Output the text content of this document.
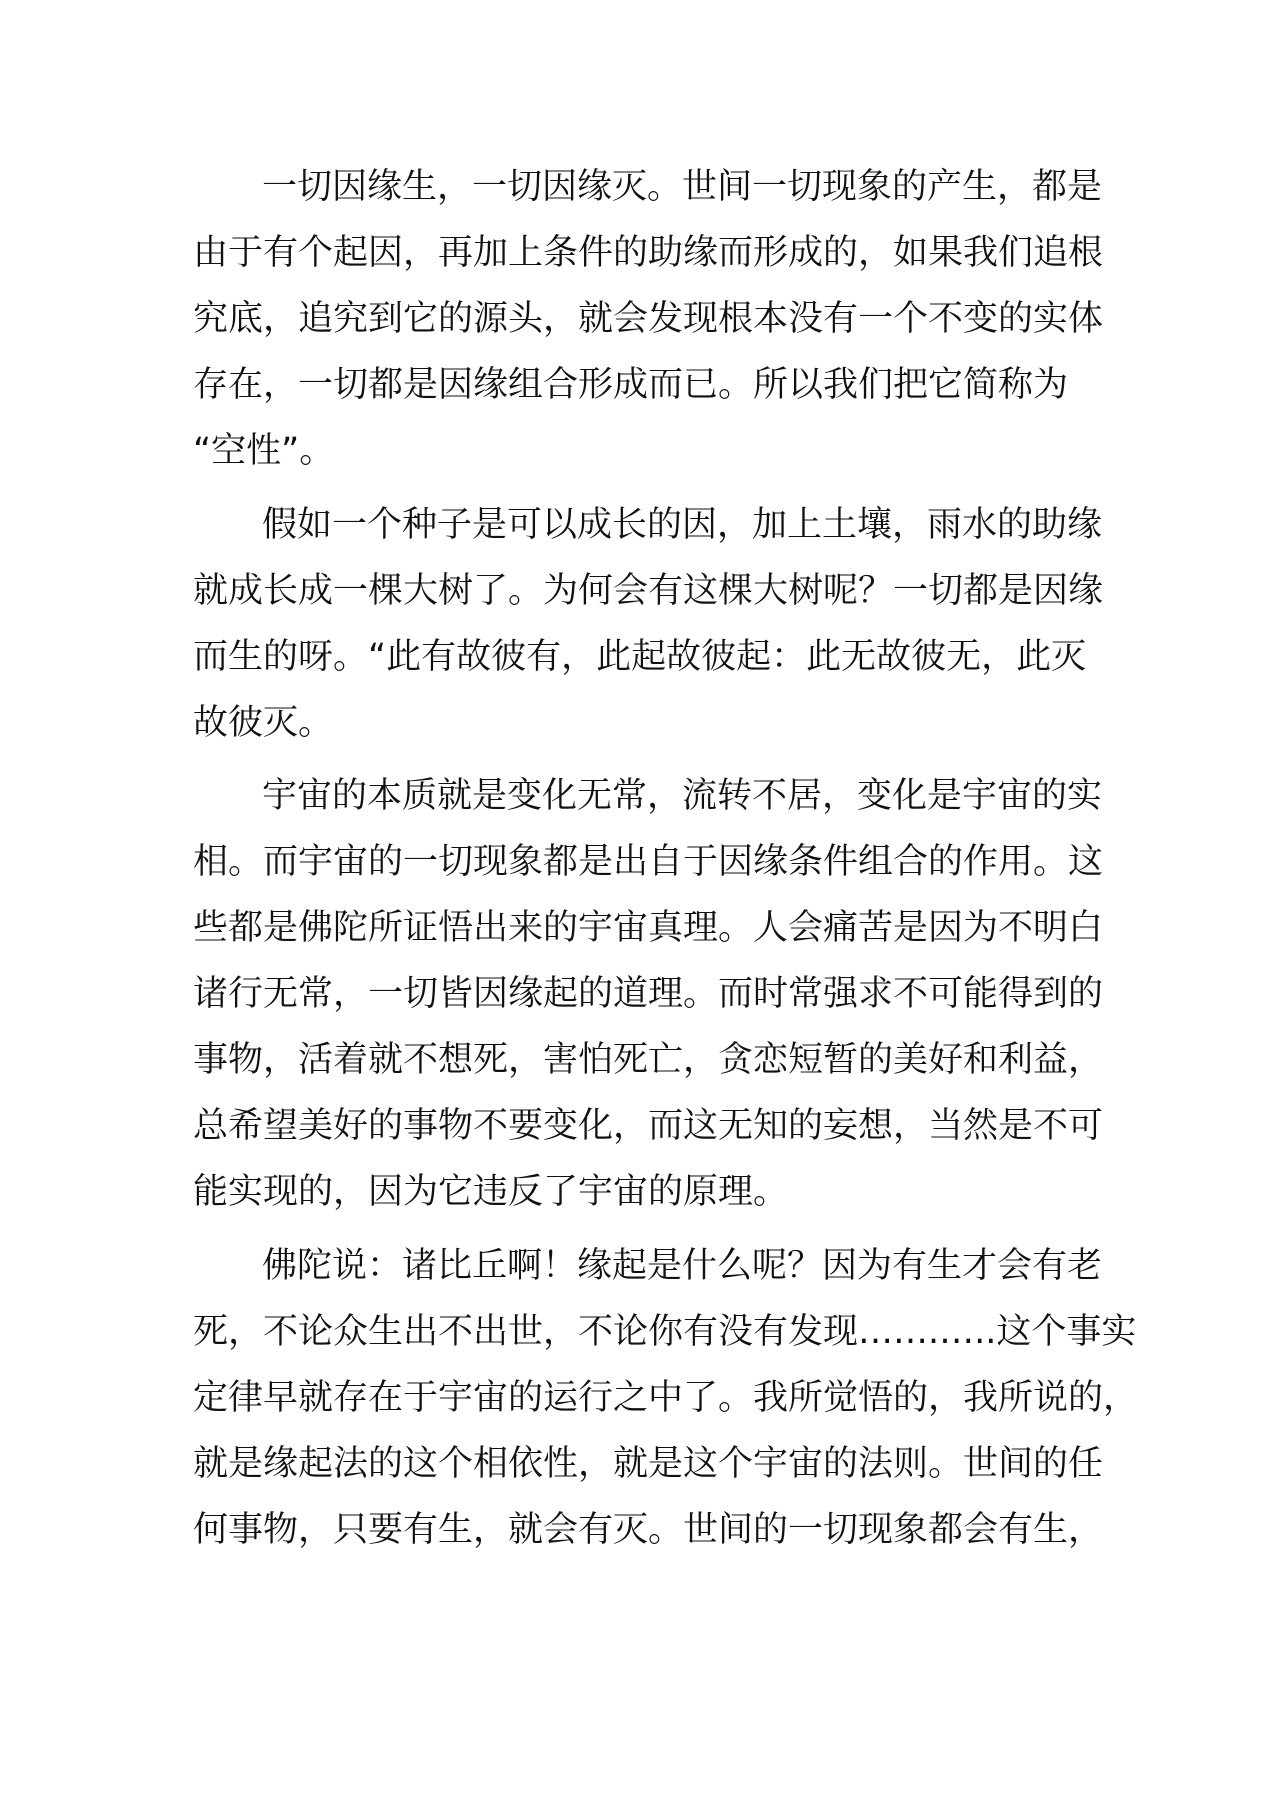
一切因缘生，一切因缘灭。世间一切现象的产生，都是
由于有个起因，再加上条件的助缘而形成的，如果我们追根
究底，追究到它的源头，就会发现根本没有一个不变的实体
存在，一切都是因缘组合形成而已。所以我们把它简称为
“空性”。
假如一个种子是可以成长的因，加上土壤，雨水的助缘
就成长成一棵大树了。为何会有这棵大树呢？一切都是因缘
而生的呀。“此有故彼有，此起故彼起：此无故彼无，此灭
故彼灭。
宇宙的本质就是变化无常，流转不居，变化是宇宙的实
相。而宇宙的一切现象都是出自于因缘条件组合的作用。这
些都是佛陀所证悟出来的宇宙真理。人会痛苦是因为不明白
诸行无常，一切皆因缘起的道理。而时常强求不可能得到的
事物，活着就不想死，害怕死亡，贪恋短暂的美好和利益，
总希望美好的事物不要变化，而这无知的妄想，当然是不可
能实现的，因为它违反了宇宙的原理。
佛陀说：诸比丘啊！缘起是什么呢？因为有生才会有老
死，不论众生出不出世，不论你有没有发现…….…..这个事实
定律早就存在于宇宙的运行之中了。我所觉悟的，我所说的，
就是缘起法的这个相依性，就是这个宇宙的法则。世间的任
何事物，只要有生，就会有灭。世间的一切现象都会有生，
